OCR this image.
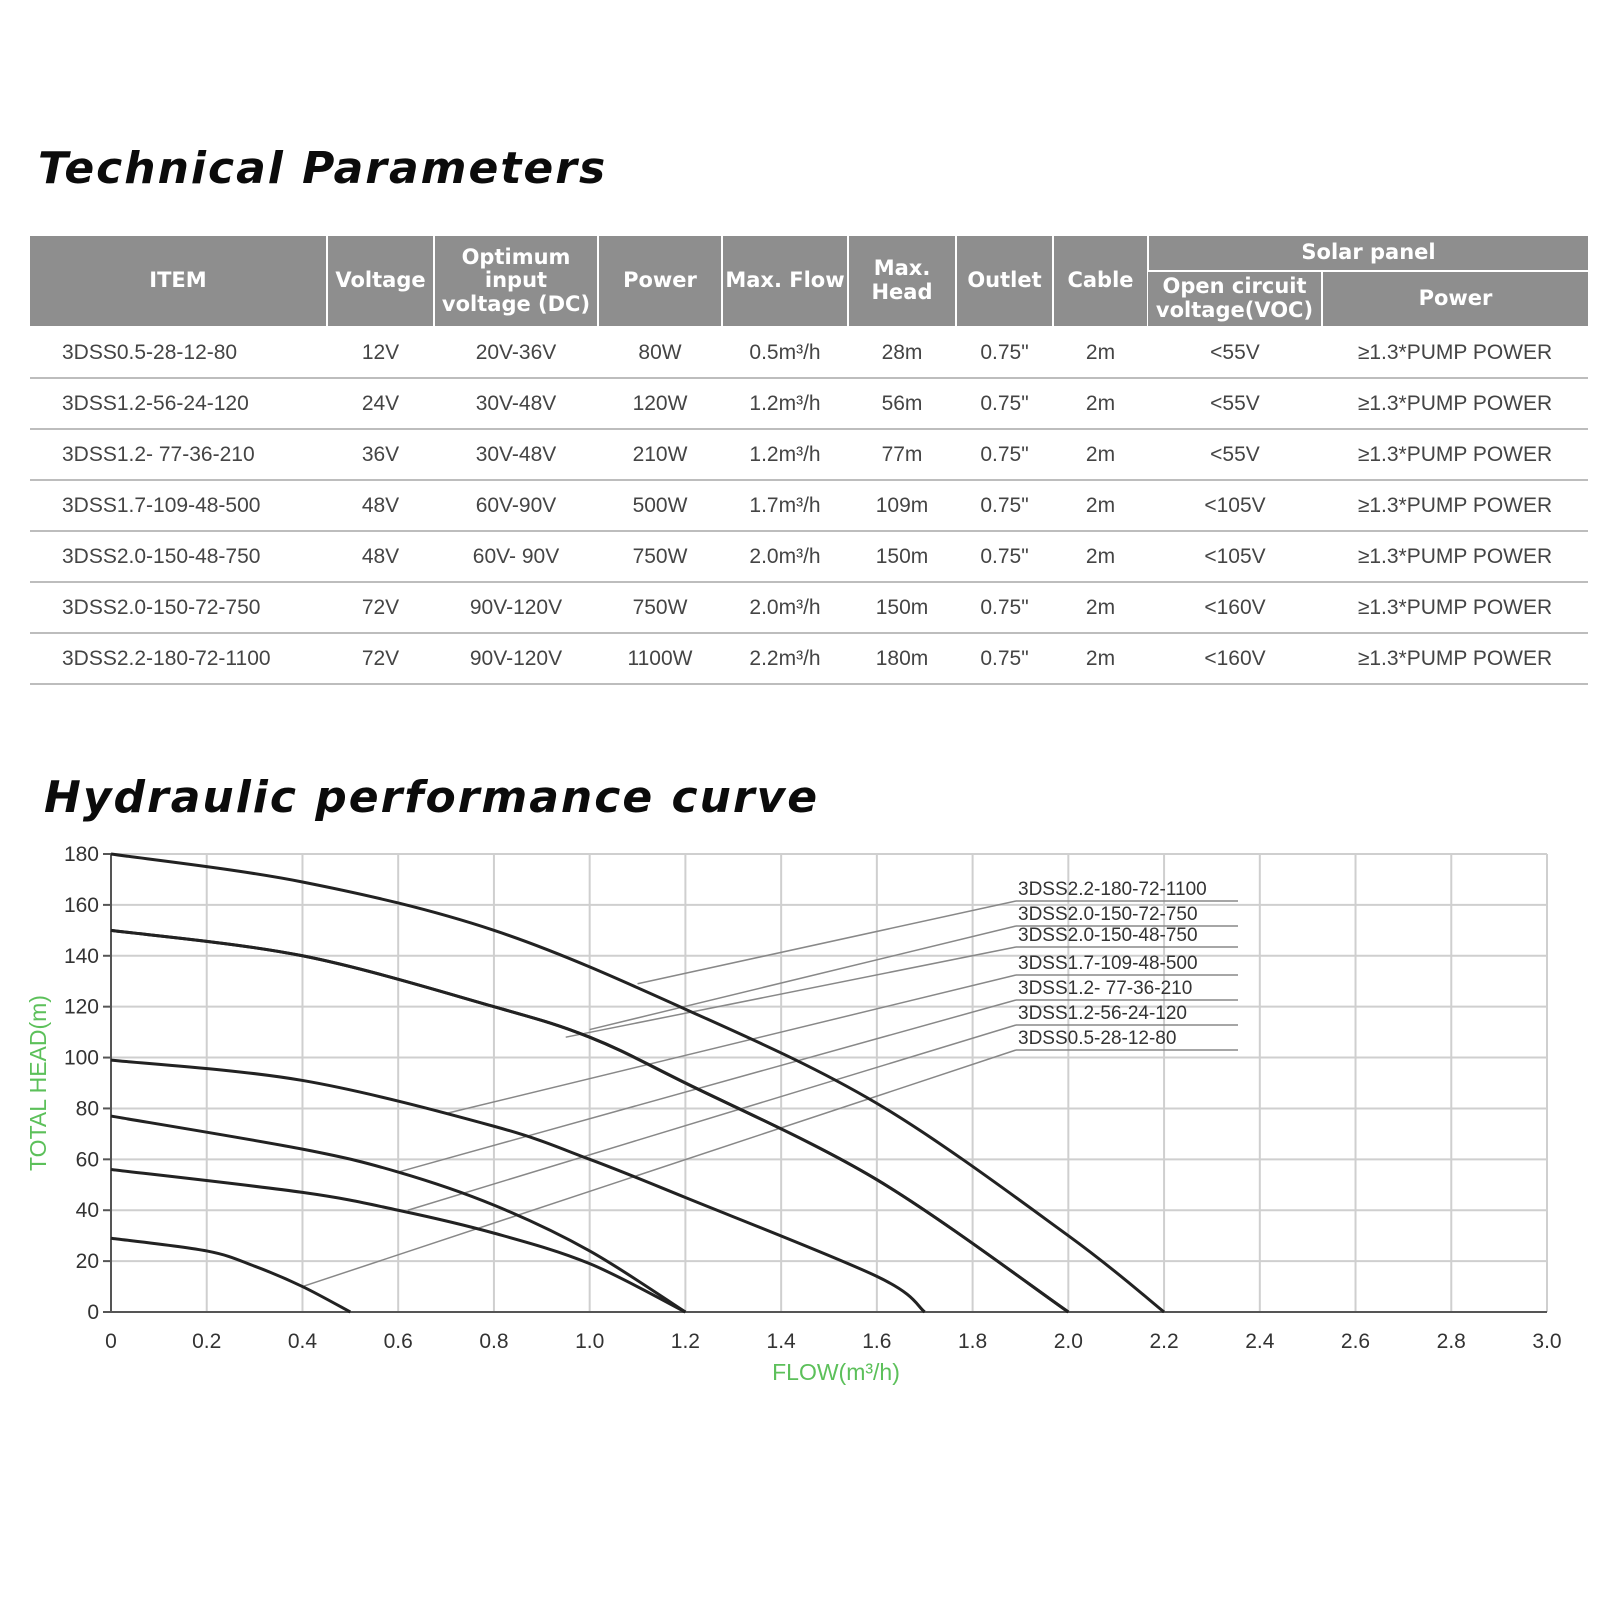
Technical Parameters
ITEM	Voltage	Optimum input voltage (DC)	Power	Max. Flow	Max. Head	Outlet	Cable	Solar panel	
								Open circuit voltage(VOC)	Power
3DSS0.5-28-12-80	12V	20V-36V	80W	0.5m³/h	28m	0.75"	2m	<55V	≥1.3*PUMP POWER
3DSS1.2-56-24-120	24V	30V-48V	120W	1.2m³/h	56m	0.75"	2m	<55V	≥1.3*PUMP POWER
3DSS1.2- 77-36-210	36V	30V-48V	210W	1.2m³/h	77m	0.75"	2m	<55V	≥1.3*PUMP POWER
3DSS1.7-109-48-500	48V	60V-90V	500W	1.7m³/h	109m	0.75"	2m	<105V	≥1.3*PUMP POWER
3DSS2.0-150-48-750	48V	60V- 90V	750W	2.0m³/h	150m	0.75"	2m	<105V	≥1.3*PUMP POWER
3DSS2.0-150-72-750	72V	90V-120V	750W	2.0m³/h	150m	0.75"	2m	<160V	≥1.3*PUMP POWER
3DSS2.2-180-72-1100	72V	90V-120V	1100W	2.2m³/h	180m	0.75"	2m	<160V	≥1.3*PUMP POWER
Hydraulic performance curve
0	0.2	0.4	0.6	0.8	1.0	1.2	1.4	1.6	1.8	2.0	2.2	2.4	2.6	2.8	3.0
0
20
40
60
80
100
120
140
160
180
3DSS2.2-180-72-1100
3DSS2.0-150-72-750
3DSS2.0-150-48-750
3DSS1.7-109-48-500
3DSS1.2- 77-36-210
3DSS1.2-56-24-120
3DSS0.5-28-12-80
TOTAL HEAD(m)
FLOW(m³/h)
